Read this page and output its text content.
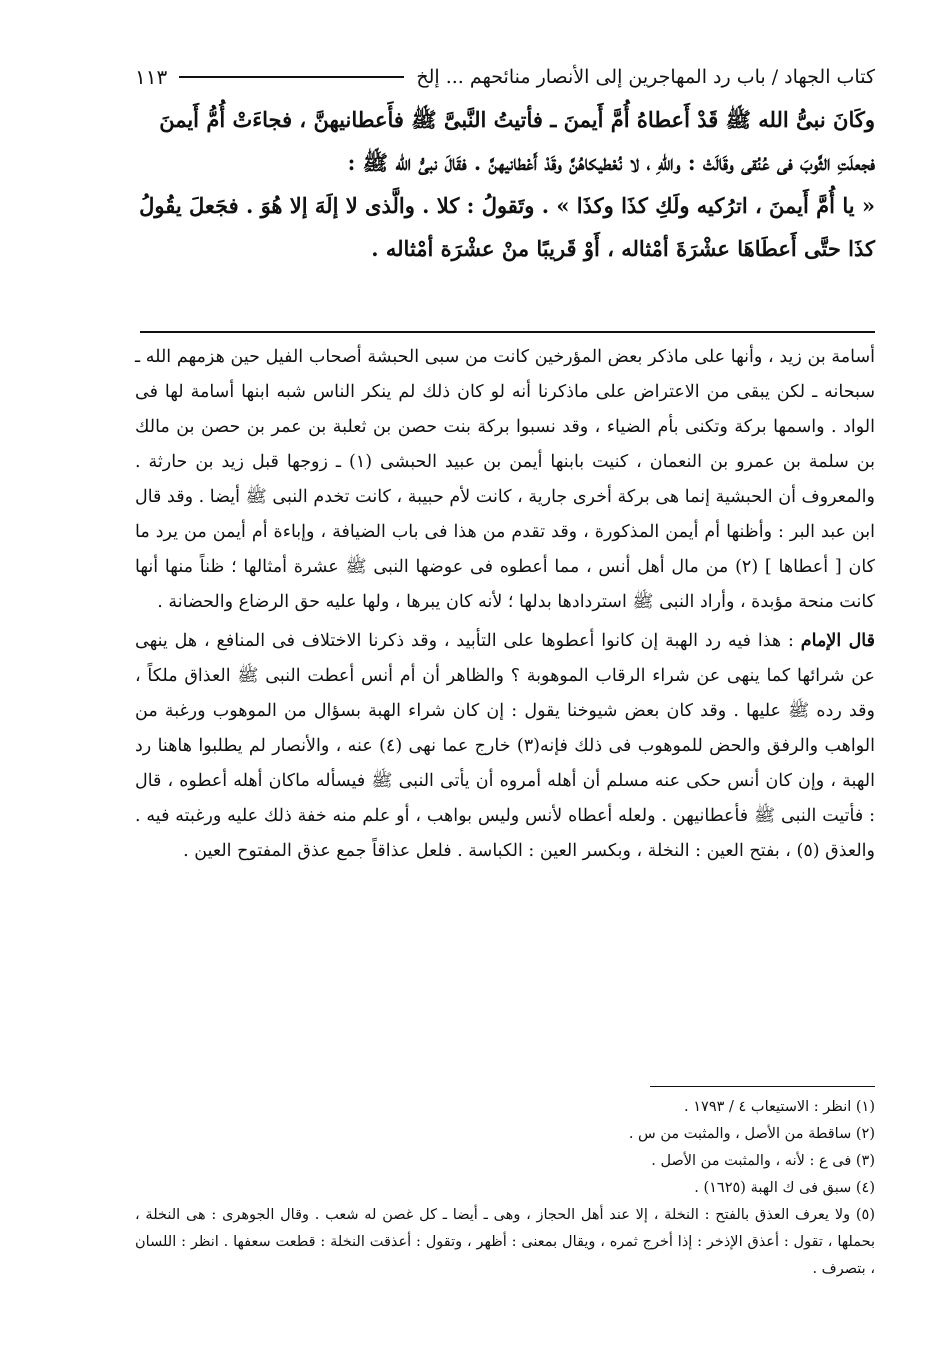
كتاب الجهاد / باب رد المهاجرين إلى الأنصار منائحهم ... إلخ
١١٣

وكَانَ نبىُّ الله ﷺ قَدْ أَعطاهُ أُمَّ أَيمنَ ـ فأتيتُ النَّبىَّ ﷺ فأَعطانيهنَّ ، فجاءَتْ أُمُّ أَيمنَ

فجعلَتِ الثَّوبَ فى عُنُقى وقَالَتْ : واللهِ ، لا نُعْطيكاهُنَّ وقَدْ أَعْطانيهنَّ . فقَالَ نبىُّ الله ﷺ :

« يا أُمَّ أَيمنَ ، اترُكيه ولَكِ كذَا وكذَا » . وتَقولُ : كلا . والَّذى لا إلَهَ إلا هُوَ . فجَعلَ يقُولُ

كذَا حتَّى أَعطَاهَا عشْرَةَ أمْثاله ، أَوْ قَريبًا منْ عشْرَة أمْثاله .

أسامة بن زيد ، وأنها على ماذكر بعض المؤرخين كانت من سبى الحبشة أصحاب الفيل حين هزمهم الله ـ سبحانه ـ لكن يبقى من الاعتراض على ماذكرنا أنه لو كان ذلك لم ينكر الناس شبه ابنها أسامة لها فى الواد . واسمها بركة وتكنى بأم الضياء ، وقد نسبوا بركة بنت حصن بن ثعلبة بن عمر بن حصن بن مالك بن سلمة بن عمرو بن النعمان ، كنيت بابنها أيمن بن عبيد الحبشى (١) ـ زوجها قبل زيد بن حارثة . والمعروف أن الحبشية إنما هى بركة أخرى جارية ، كانت لأم حبيبة ، كانت تخدم النبى ﷺ أيضا . وقد قال ابن عبد البر : وأظنها أم أيمن المذكورة ، وقد تقدم من هذا فى باب الضيافة ، وإباءة أم أيمن من يرد ما كان [ أعطاها ] (٢) من مال أهل أنس ، مما أعطوه فى عوضها النبى ﷺ عشرة أمثالها ؛ ظناً منها أنها كانت منحة مؤبدة ، وأراد النبى ﷺ استردادها بدلها ؛ لأنه كان يبرها ، ولها عليه حق الرضاع والحضانة .

قال الإمام : هذا فيه رد الهبة إن كانوا أعطوها على التأبيد ، وقد ذكرنا الاختلاف فى المنافع ، هل ينهى عن شرائها كما ينهى عن شراء الرقاب الموهوبة ؟ والظاهر أن أم أنس أعطت النبى ﷺ العذاق ملكاً ، وقد رده ﷺ عليها . وقد كان بعض شيوخنا يقول : إن كان شراء الهبة بسؤال من الموهوب ورغبة من الواهب والرفق والحض للموهوب فى ذلك فإنه(٣) خارج عما نهى (٤) عنه ، والأنصار لم يطلبوا هاهنا رد الهبة ، وإن كان أنس حكى عنه مسلم أن أهله أمروه أن يأتى النبى ﷺ فيسأله ماكان أهله أعطوه ، قال : فأتيت النبى ﷺ فأعطانيهن . ولعله أعطاه لأنس وليس بواهب ، أو علم منه خفة ذلك عليه ورغبته فيه . والعذق (٥) ، بفتح العين : النخلة ، وبكسر العين : الكباسة . فلعل عذاقاً جمع عذق المفتوح العين .

(١) انظر : الاستيعاب ٤ / ١٧٩٣ .
(٢) ساقطة من الأصل ، والمثبت من س .
(٣) فى ع : لأنه ، والمثبت من الأصل .
(٤) سبق فى ك الهبة (١٦٢٥) .
(٥) ولا يعرف العذق بالفتح : النخلة ، إلا عند أهل الحجاز ، وهى ـ أيضا ـ كل غصن له شعب . وقال الجوهرى : هى النخلة ، بحملها ، تقول : أعذق الإذخر : إذا أخرج ثمره ، ويقال بمعنى : أظهر ، وتقول : أعذقت النخلة : قطعت سعفها . انظر : اللسان ، بتصرف .
